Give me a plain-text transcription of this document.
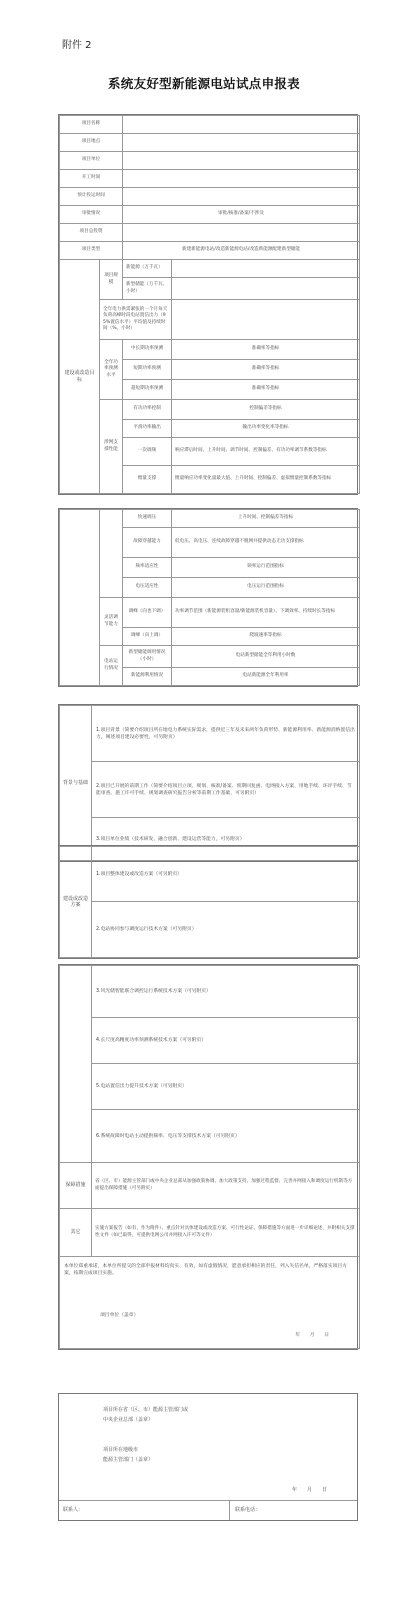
附件 2
系统友好型新能源电站试点申报表
项目名称			
项目地点			
项目单位			
开工时间			
预计投运时间			
审批情况		审批/核准/备案/不涉及	
项目总投资			
项目类型		新建新能源电站/改造新能源电站/改造新能源配建新型储能	
建设或改造目标	项目规模	新能源（万千瓦）	
		新型储能（万千瓦、小时）	
	全年电力供需紧张的一个月每天负荷高峰时段电站置信出力（95%置信水平）平均值及持续时间（%、小时）		
	全年功率预测水平	中长期功率预测	准确率等指标
		短期功率预测	准确率等指标
		超短期功率预测	准确率等指标
	涉网支撑性能	有功功率控制	控制偏差等指标
		平滑功率输出	输出功率变化率等指标
		一次调频	响应滞后时间、上升时间、调节时间、控制偏差、有功功率调节系数等指标
		惯量支撑	惯量响应功率变化量最大值、上升时间、控制偏差、虚拟惯量控制系数等指标
		快速调压	上升时间、控制偏差等指标
		故障穿越能力	低电压、高电压、连续故障穿越不脱网并提供动态无功支撑指标
		频率适应性	频率运行范围指标
		电压适应性	电压运行范围指标
	灵活调节能力	调峰（向也下调）	功率调节范围（新能源装机容量/新能源装机容量）、下调效率、持续时长等指标
		调峰（向上调）	爬坡速率等指标
	电站运行情况	新型储能调用情况（小时）	电站新型储能全年利用小时数
		新能源利用情况	电站新能源全年利用率
背景与基础	
1.项目背景（简要介绍项目所在地电力系统实际需求，提供近三年及未来两年负荷形势、新能源利用率、新能源消纳置信出力，阐述项目建设必要性，可另附页）
2.项目已开展的前期工作（简要介绍项目立项、规划、核准/备案、预期回复函、电网接入方案、用地手续、环评手续、节能审查、施工许可手续、规划调查研究报告分析等前期工作基础，可另附页）
3.项目单位业绩（技术研发、融合创新、建设运营等能力，可另附页）
建设或改造方案	
1.项目整体建设或改造方案（可另附页）
2.电站协同参与调度运行技术方案（可另附页）

3.风光储智能联合调控运行系统技术方案（可另附页）
4.长尺度高精度功率预测系统技术方案（可另附页）
5.电站置信出力提升技术方案（可另附页）
6.系统故障时电站主动提供频率、电压等支撑技术方案（可另附页）

保障措施	省（区、市）能源主管部门或中央企业总部从加强政策协调、加大政策支持、加强过程监督、完善并网接入和调度运行机制等方面提出保障措施（可另附页）
其它	实施方案报告（如有，作为附件）、重点针对具体建设或改造方案、可行性论证、保障措施等方面进一步详细论述，并附相关支撑性文件（如已取得，可提供电网公司并网接入许可等文件）

本单位郑重承诺，本单位所提交的全部申报材料均真实、有效，如有虚假情况，愿意承担相应的责任，列入失信名单，严格落实项目方案，按期完成项目实施。
项目单位（盖章）
年　　月　　日	
项目所在省（区、市）能源主管部门或
中央企业总部（盖章）
项目所在地级市
能源主管部门（盖章）
年　　月　　日
联系人：	联系电话：
